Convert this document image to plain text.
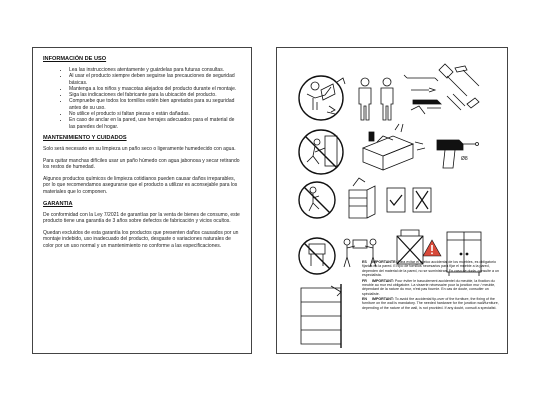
INFORMACIÓN DE USO
• Lea las instrucciones atentamente y guárdelas para futuras consultas.
• Al usar el producto siempre deben seguirse las precauciones de seguridad básicas.
• Mantenga a los niños y mascotas alejados del producto durante el montaje.
• Siga las indicaciones del fabricante para la ubicación del producto.
• Compruebe que todos los tornillos estén bien apretados para su seguridad antes de su uso.
• No utilice el producto si faltan piezas o están dañadas.
• En caso de anclar en la pared, use herrajes adecuados para el material de las paredes del hogar.
MANTENIMIENTO Y CUIDADOS

Solo será necesario en su limpieza un paño seco o ligeramente humedecido con agua.

Para quitar manchas difíciles usar un paño húmedo con agua jabonosa y secar retirando los restos de humedad.

Algunos productos químicos de limpieza cotidianos pueden causar daños irreparables, por lo que recomendamos asegurarse que el producto a utilizar es aconsejable para los materiales que lo componen.

GARANTIA

De conformidad con la Ley 7/2021 de garantías por la venta de bienes de consumo, este producto tiene una garantía de 3 años sobre defectos de fabricación y vicios ocultos.

Quedan excluidos de esta garantía los productos que presenten daños causados por un montaje indebido, uso inadecuado del producto, desgaste o variaciones naturales de color por un uso normal y un mantenimiento no conforme a las especificaciones.

Ø8
ES IMPORTANTE: Para evitar el vuelco accidental de los muebles, es obligatorio fijarlos en la pared. El tipo de tornillos necesarios para fijar el mueble a la pared, dependen del material de la pared, no se suministran. En caso de duda, consulte a un especialista.
FR IMPORTANT: Pour éviter le basculement accidentel du meuble, la fixation du meuble au mur est obligatoire. La visserie nécessaire pour la jonction mur / meuble, dépendant de la nature du mur, n'est pas fournie. En cas de doute, consulter un spécialiste.
EN IMPORTANT: To avoid the accidental tip-over of the furniture, the fixing of the furniture on the wall is mandatory. The needed hardware for the junction wall/furniture, depending of the nature of the wall, is not provided. If any doubt, consult a specialist.
